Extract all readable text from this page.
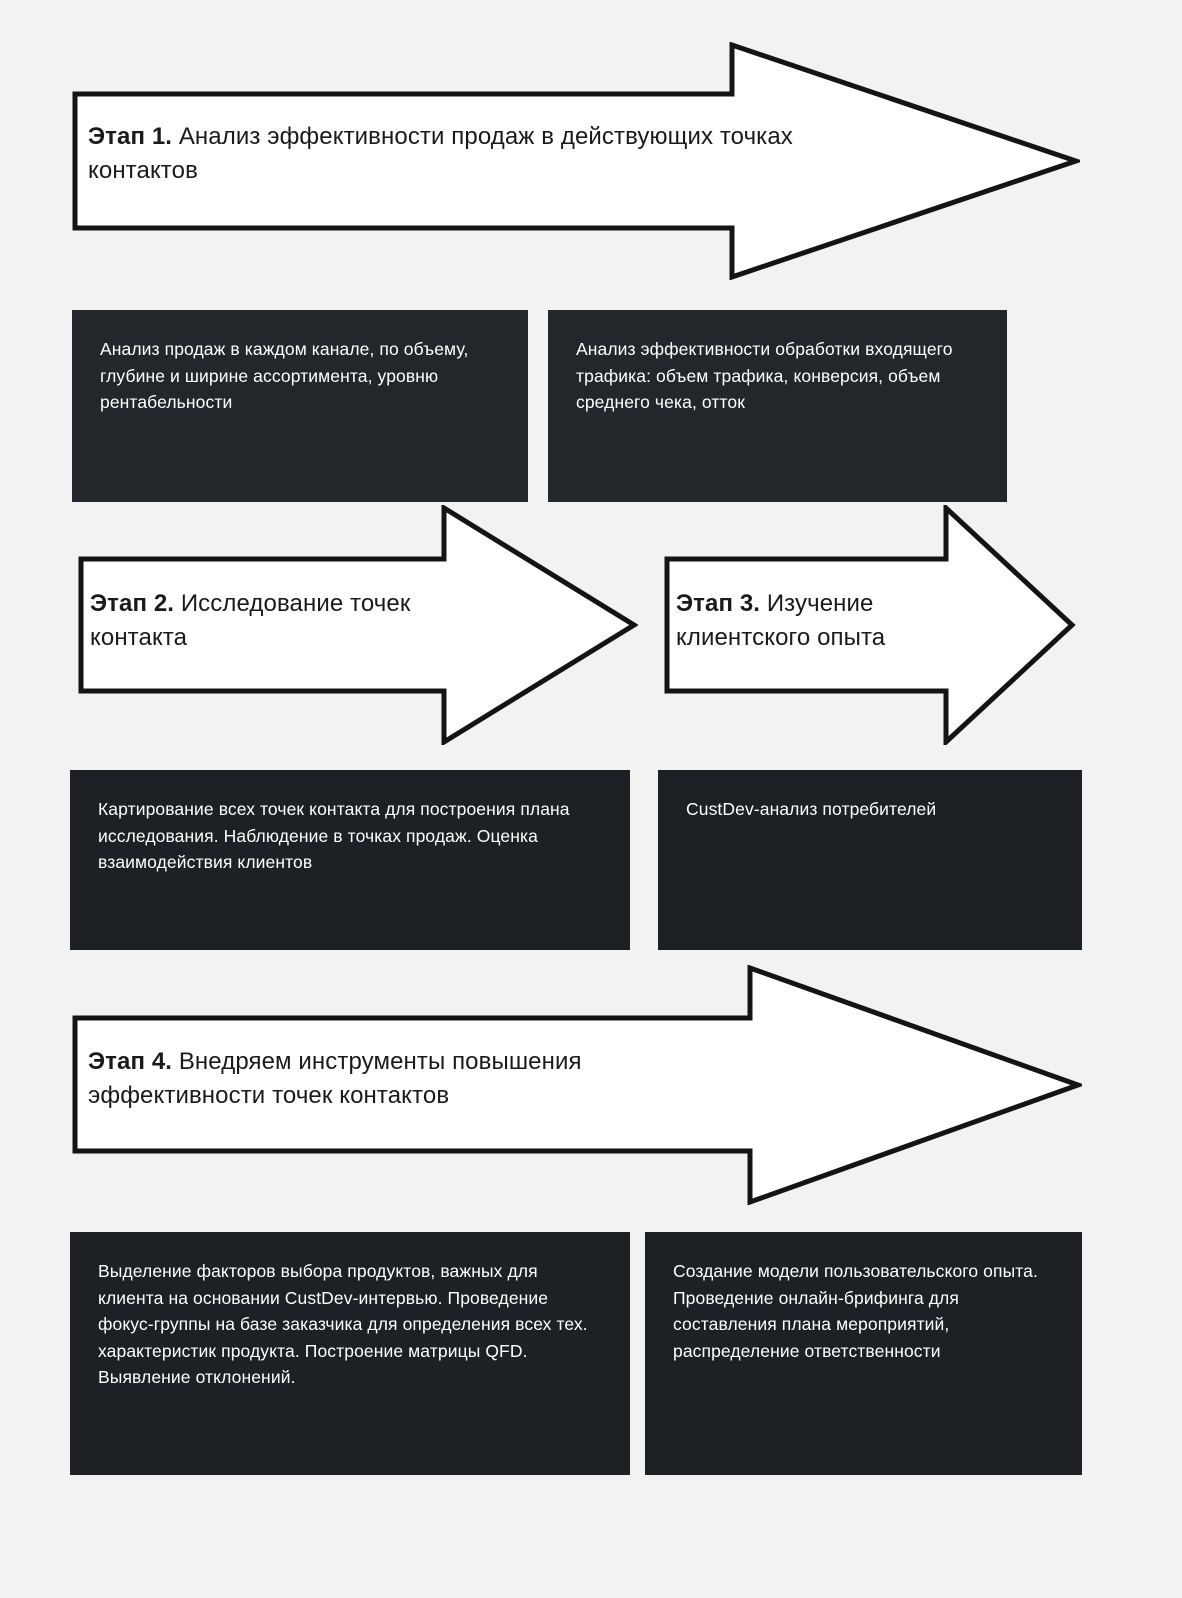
Этап 1. Анализ эффективности продаж в действующих точках контактов
Анализ продаж в каждом канале, по объему, глубине и ширине ассортимента, уровню рентабельности
Анализ эффективности обработки входящего трафика: объем трафика, конверсия, объем среднего чека, отток
Этап 2. Исследование точек контакта
Этап 3. Изучение клиентского опыта
Картирование всех точек контакта для построения плана исследования. Наблюдение в точках продаж. Оценка взаимодействия клиентов
CustDev-анализ потребителей
Этап 4. Внедряем инструменты повышения эффективности точек контактов
Выделение факторов выбора продуктов, важных для клиента на основании CustDev-интервью. Проведение фокус-группы на базе заказчика для определения всех тех. характеристик продукта. Построение матрицы QFD. Выявление отклонений.
Создание модели пользовательского опыта. Проведение онлайн-брифинга для составления плана мероприятий, распределение ответственности
